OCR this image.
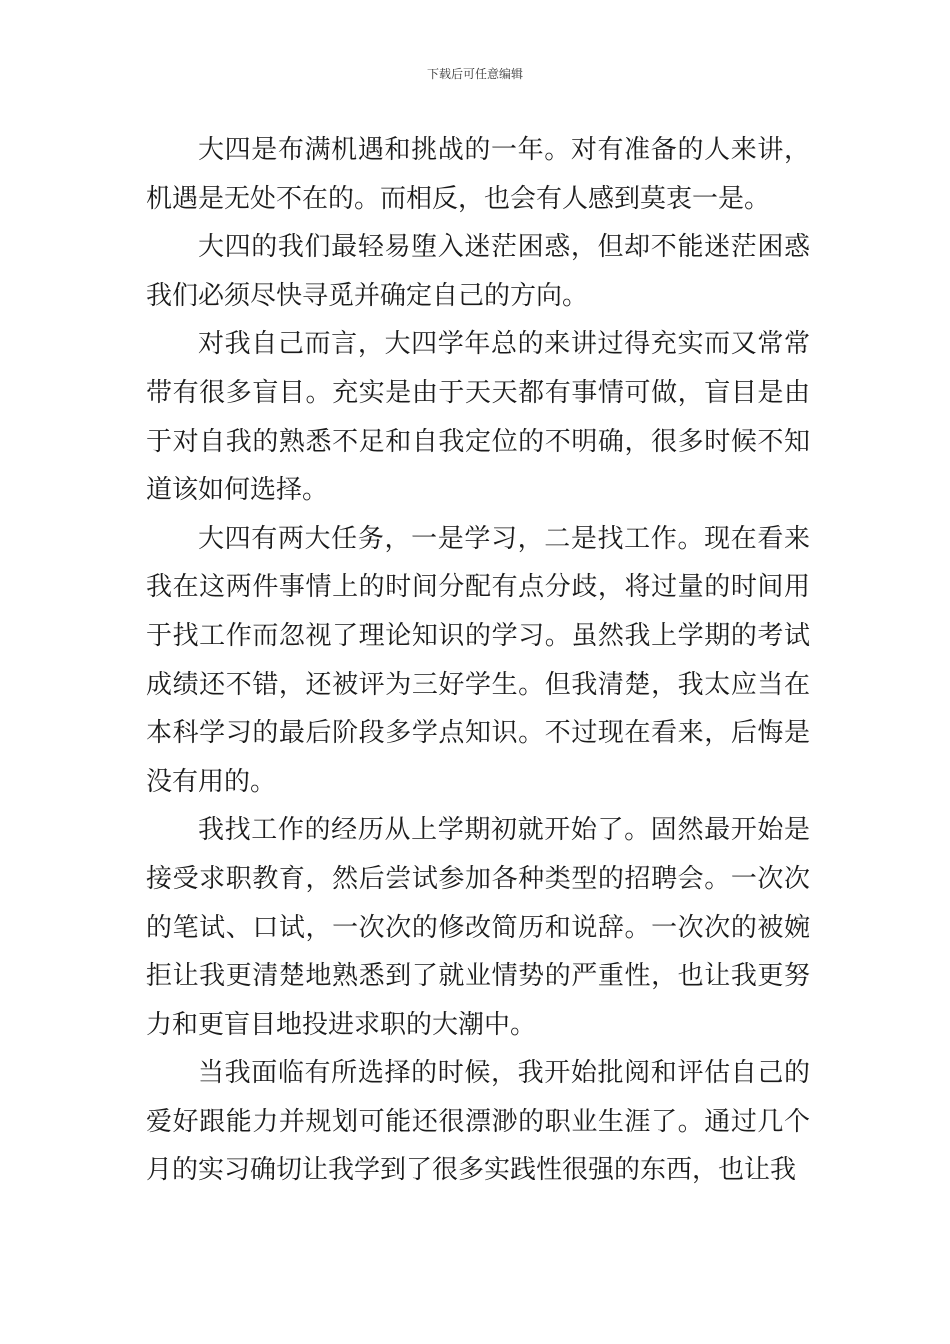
下载后可任意编辑

大四是布满机遇和挑战的一年。对有准备的人来讲，机遇是无处不在的。而相反，也会有人感到莫衷一是。

大四的我们最轻易堕入迷茫困惑，但却不能迷茫困惑我们必须尽快寻觅并确定自己的方向。

对我自己而言，大四学年总的来讲过得充实而又常常带有很多盲目。充实是由于天天都有事情可做，盲目是由于对自我的熟悉不足和自我定位的不明确，很多时候不知道该如何选择。

大四有两大任务，一是学习，二是找工作。现在看来我在这两件事情上的时间分配有点分歧，将过量的时间用于找工作而忽视了理论知识的学习。虽然我上学期的考试成绩还不错，还被评为三好学生。但我清楚，我太应当在本科学习的最后阶段多学点知识。不过现在看来，后悔是没有用的。

我找工作的经历从上学期初就开始了。固然最开始是接受求职教育，然后尝试参加各种类型的招聘会。一次次的笔试、口试，一次次的修改简历和说辞。一次次的被婉拒让我更清楚地熟悉到了就业情势的严重性，也让我更努力和更盲目地投进求职的大潮中。

当我面临有所选择的时候，我开始批阅和评估自己的爱好跟能力并规划可能还很漂渺的职业生涯了。通过几个月的实习确切让我学到了很多实践性很强的东西，也让我
